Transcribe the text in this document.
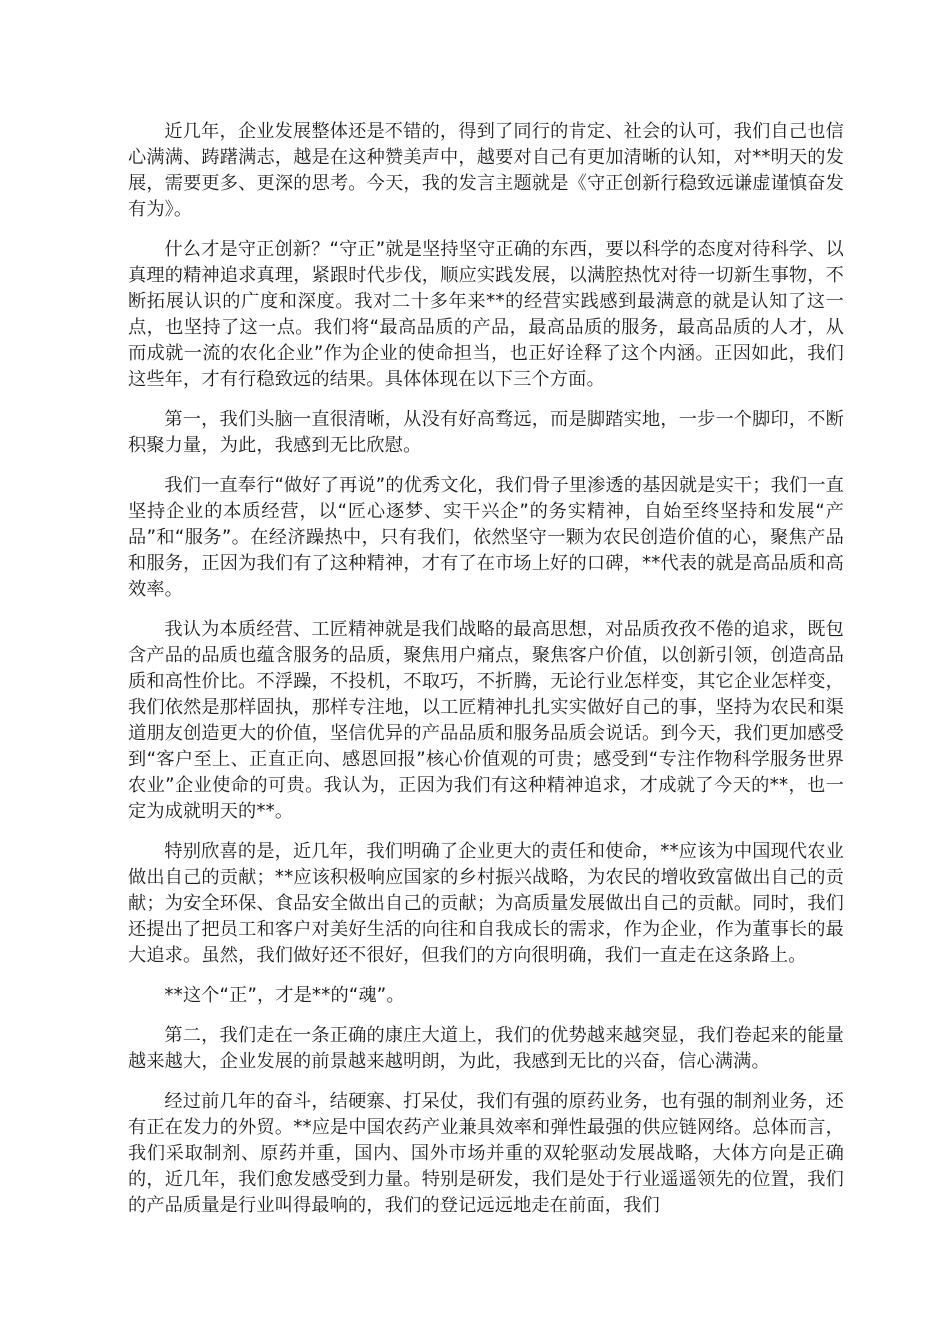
近几年，企业发展整体还是不错的，得到了同行的肯定、社会的认可，我们自己也信心满满、踌躇满志，越是在这种赞美声中，越要对自己有更加清晰的认知，对**明天的发展，需要更多、更深的思考。今天，我的发言主题就是《守正创新行稳致远谦虚谨慎奋发有为》。

什么才是守正创新？“守正”就是坚持坚守正确的东西，要以科学的态度对待科学、以真理的精神追求真理，紧跟时代步伐，顺应实践发展，以满腔热忱对待一切新生事物，不断拓展认识的广度和深度。我对二十多年来**的经营实践感到最满意的就是认知了这一点，也坚持了这一点。我们将“最高品质的产品，最高品质的服务，最高品质的人才，从而成就一流的农化企业”作为企业的使命担当，也正好诠释了这个内涵。正因如此，我们这些年，才有行稳致远的结果。具体体现在以下三个方面。

第一，我们头脑一直很清晰，从没有好高骛远，而是脚踏实地，一步一个脚印，不断积聚力量，为此，我感到无比欣慰。

我们一直奉行“做好了再说”的优秀文化，我们骨子里渗透的基因就是实干；我们一直坚持企业的本质经营，以“匠心逐梦、实干兴企”的务实精神，自始至终坚持和发展“产品”和“服务”。在经济躁热中，只有我们，依然坚守一颗为农民创造价值的心，聚焦产品和服务，正因为我们有了这种精神，才有了在市场上好的口碑，**代表的就是高品质和高效率。

我认为本质经营、工匠精神就是我们战略的最高思想，对品质孜孜不倦的追求，既包含产品的品质也蕴含服务的品质，聚焦用户痛点，聚焦客户价值，以创新引领，创造高品质和高性价比。不浮躁，不投机，不取巧，不折腾，无论行业怎样变，其它企业怎样变，我们依然是那样固执，那样专注地，以工匠精神扎扎实实做好自己的事，坚持为农民和渠道朋友创造更大的价值，坚信优异的产品品质和服务品质会说话。到今天，我们更加感受到“客户至上、正直正向、感恩回报”核心价值观的可贵；感受到“专注作物科学服务世界农业”企业使命的可贵。我认为，正因为我们有这种精神追求，才成就了今天的**，也一定为成就明天的**。

特别欣喜的是，近几年，我们明确了企业更大的责任和使命，**应该为中国现代农业做出自己的贡献；**应该积极响应国家的乡村振兴战略，为农民的增收致富做出自己的贡献；为安全环保、食品安全做出自己的贡献；为高质量发展做出自己的贡献。同时，我们还提出了把员工和客户对美好生活的向往和自我成长的需求，作为企业，作为董事长的最大追求。虽然，我们做好还不很好，但我们的方向很明确，我们一直走在这条路上。

**这个“正”，才是**的“魂”。

第二，我们走在一条正确的康庄大道上，我们的优势越来越突显，我们卷起来的能量越来越大，企业发展的前景越来越明朗，为此，我感到无比的兴奋，信心满满。

经过前几年的奋斗，结硬寨、打呆仗，我们有强的原药业务，也有强的制剂业务，还有正在发力的外贸。**应是中国农药产业兼具效率和弹性最强的供应链网络。总体而言，我们采取制剂、原药并重，国内、国外市场并重的双轮驱动发展战略，大体方向是正确的，近几年，我们愈发感受到力量。特别是研发，我们是处于行业遥遥领先的位置，我们的产品质量是行业叫得最响的，我们的登记远远地走在前面，我们
